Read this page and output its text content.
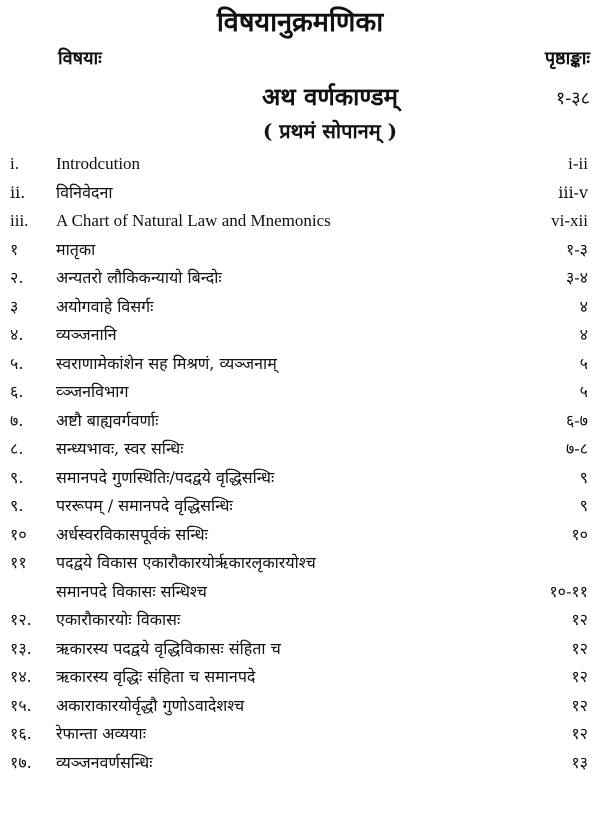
विषयानुक्रमणिका
विषयाः	पृष्ठाङ्काः
अथ वर्णकाण्डम्	१-३८
( प्रथमं सोपानम् )
i. Introdcution	i-ii
ii. विनिवेदना	iii-v
iii. A Chart of Natural Law and Mnemonics	vi-xii
१ मातृका	१-३
२. अन्यतरो लौकिकन्यायो बिन्दोः	३-४
३ अयोगवाहे विसर्गः	४
४. व्यञ्जनानि	४
५. स्वराणामेकांशेन सह मिश्रणं, व्यञ्जनाम्	५
६. व्ञ्जनविभाग	५
७. अष्टौ बाह्यवर्गवर्णाः	६-७
८. सन्ध्यभावः, स्वर सन्धिः	७-८
९. समानपदे गुणस्थितिः/पदद्वये वृद्धिसन्धिः	९
९. पररूपम् / समानपदे वृद्धिसन्धिः	९
१० अर्धस्वरविकासपूर्वकं सन्धिः	१०
११ पदद्वये विकास एकारौकारयोर्ऋकारलृकारयोश्च
समानपदे विकासः सन्धिश्च	१०-११
१२. एकारौकारयोः विकासः	१२
१३. ऋकारस्य पदद्वये वृद्धिविकासः संहिता च	१२
१४. ऋकारस्य वृद्धिः संहिता च समानपदे	१२
१५. अकाराकारयोर्वृद्धौ गुणोऽवादेशश्च	१२
१६. रेफान्ता अव्ययाः	१२
१७. व्यञ्जनवर्णसन्धिः	१३
